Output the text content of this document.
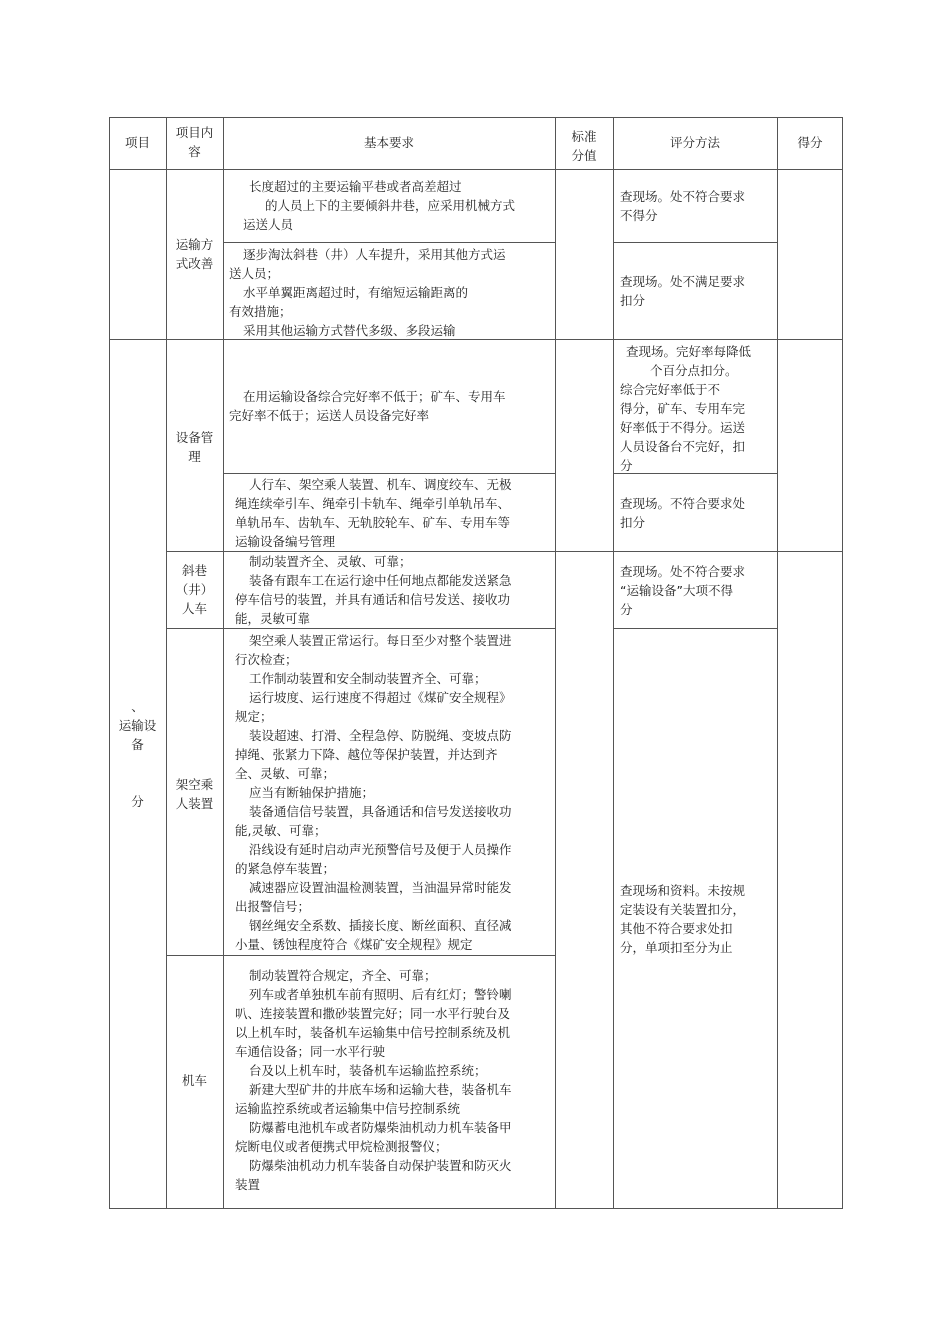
项目
项目内
容
基本要求	标准
分值
评分方法	得分
运输方
式改善
长度超过的主要运输平巷或者高差超过
的人员上下的主要倾斜井巷，应采用机械方式
运送人员
查现场。处不符合要求
不得分
逐步淘汰斜巷（井）人车提升，采用其他方式运
送人员；
水平单翼距离超过时，有缩短运输距离的
有效措施；
采用其他运输方式替代多级、多段运输
查现场。处不满足要求
扣分
、
运输设
备
分
设备管
理
在用运输设备综合完好率不低于；矿车、专用车
完好率不低于；运送人员设备完好率
查现场。完好率每降低
个百分点扣分。
综合完好率低于不
得分，矿车、专用车完
好率低于不得分。运送
人员设备台不完好，扣
分
人行车、架空乘人装置、机车、调度绞车、无极
绳连续牵引车、绳牵引卡轨车、绳牵引单轨吊车、
单轨吊车、齿轨车、无轨胶轮车、矿车、专用车等
运输设备编号管理
查现场。不符合要求处
扣分
斜巷
（井）
人车
制动装置齐全、灵敏、可靠；
装备有跟车工在运行途中任何地点都能发送紧急
停车信号的装置，并具有通话和信号发送、接收功
能，灵敏可靠
查现场。处不符合要求
“运输设备”大项不得
分
架空乘
人装置
架空乘人装置正常运行。每日至少对整个装置进
行次检查；
工作制动装置和安全制动装置齐全、可靠；
运行坡度、运行速度不得超过《煤矿安全规程》
规定；
装设超速、打滑、全程急停、防脱绳、变坡点防
掉绳、张紧力下降、越位等保护装置，并达到齐
全、灵敏、可靠；
应当有断轴保护措施；
装备通信信号装置，具备通话和信号发送接收功
能,灵敏、可靠；
沿线设有延时启动声光预警信号及便于人员操作
的紧急停车装置；
减速器应设置油温检测装置，当油温异常时能发
出报警信号；
钢丝绳安全系数、插接长度、断丝面积、直径减
小量、锈蚀程度符合《煤矿安全规程》规定
查现场和资料。未按规
定装设有关装置扣分，
其他不符合要求处扣
分，单项扣至分为止
机车
制动装置符合规定，齐全、可靠；
列车或者单独机车前有照明、后有红灯；警铃喇
叭、连接装置和撒砂装置完好；同一水平行驶台及
以上机车时，装备机车运输集中信号控制系统及机
车通信设备；同一水平行驶
台及以上机车时，装备机车运输监控系统；
新建大型矿井的井底车场和运输大巷，装备机车
运输监控系统或者运输集中信号控制系统
防爆蓄电池机车或者防爆柴油机动力机车装备甲
烷断电仪或者便携式甲烷检测报警仪；
防爆柴油机动力机车装备自动保护装置和防灭火
装置
